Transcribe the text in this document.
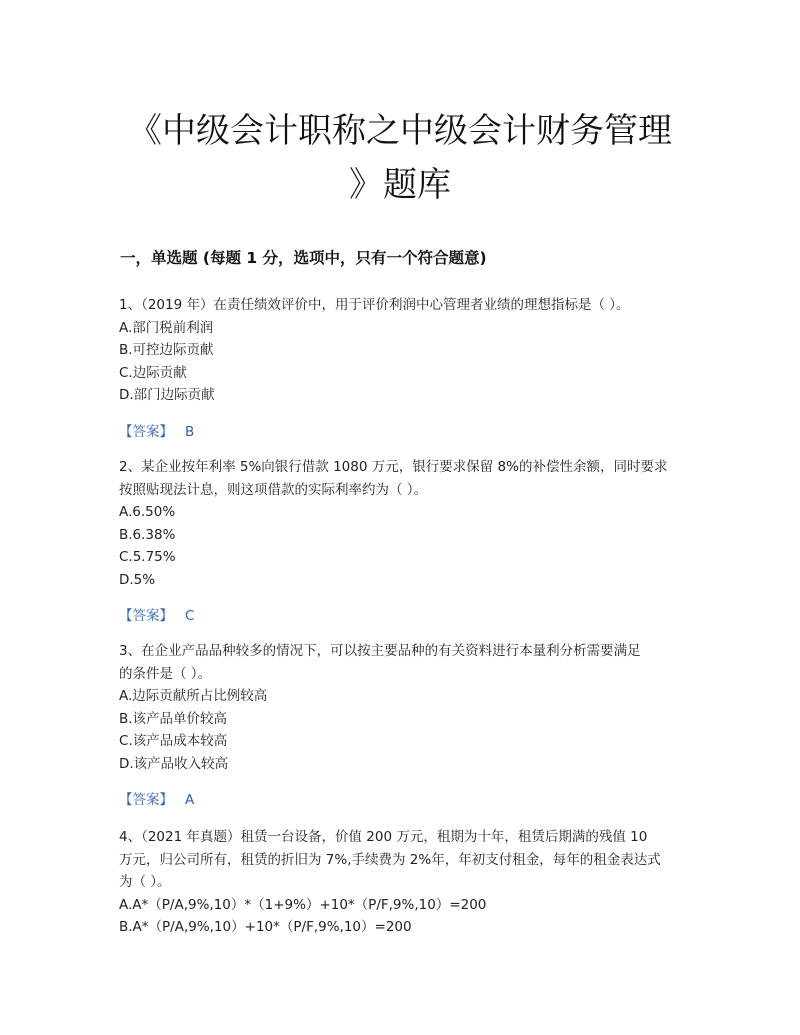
《中级会计职称之中级会计财务管理
》题库
一，单选题 (每题 1 分，选项中，只有一个符合题意)

1、（2019 年）在责任绩效评价中，用于评价利润中心管理者业绩的理想指标是（ ）。

A.部门税前利润

B.可控边际贡献

C.边际贡献

D.部门边际贡献

【答案】 B

2、某企业按年利率 5%向银行借款 1080 万元，银行要求保留 8%的补偿性余额，同时要求

按照贴现法计息，则这项借款的实际利率约为（ ）。

A.6.50%

B.6.38%

C.5.75%

D.5%

【答案】 C

3、在企业产品品种较多的情况下，可以按主要品种的有关资料进行本量利分析需要满足

的条件是（ ）。

A.边际贡献所占比例较高

B.该产品单价较高

C.该产品成本较高

D.该产品收入较高

【答案】 A

4、（2021 年真题）租赁一台设备，价值 200 万元，租期为十年，租赁后期满的残值 10

万元，归公司所有，租赁的折旧为 7%,手续费为 2%年，年初支付租金，每年的租金表达式

为（ ）。

A.A*（P/A,9%,10）*（1+9%）+10*（P/F,9%,10）=200

B.A*（P/A,9%,10）+10*（P/F,9%,10）=200
